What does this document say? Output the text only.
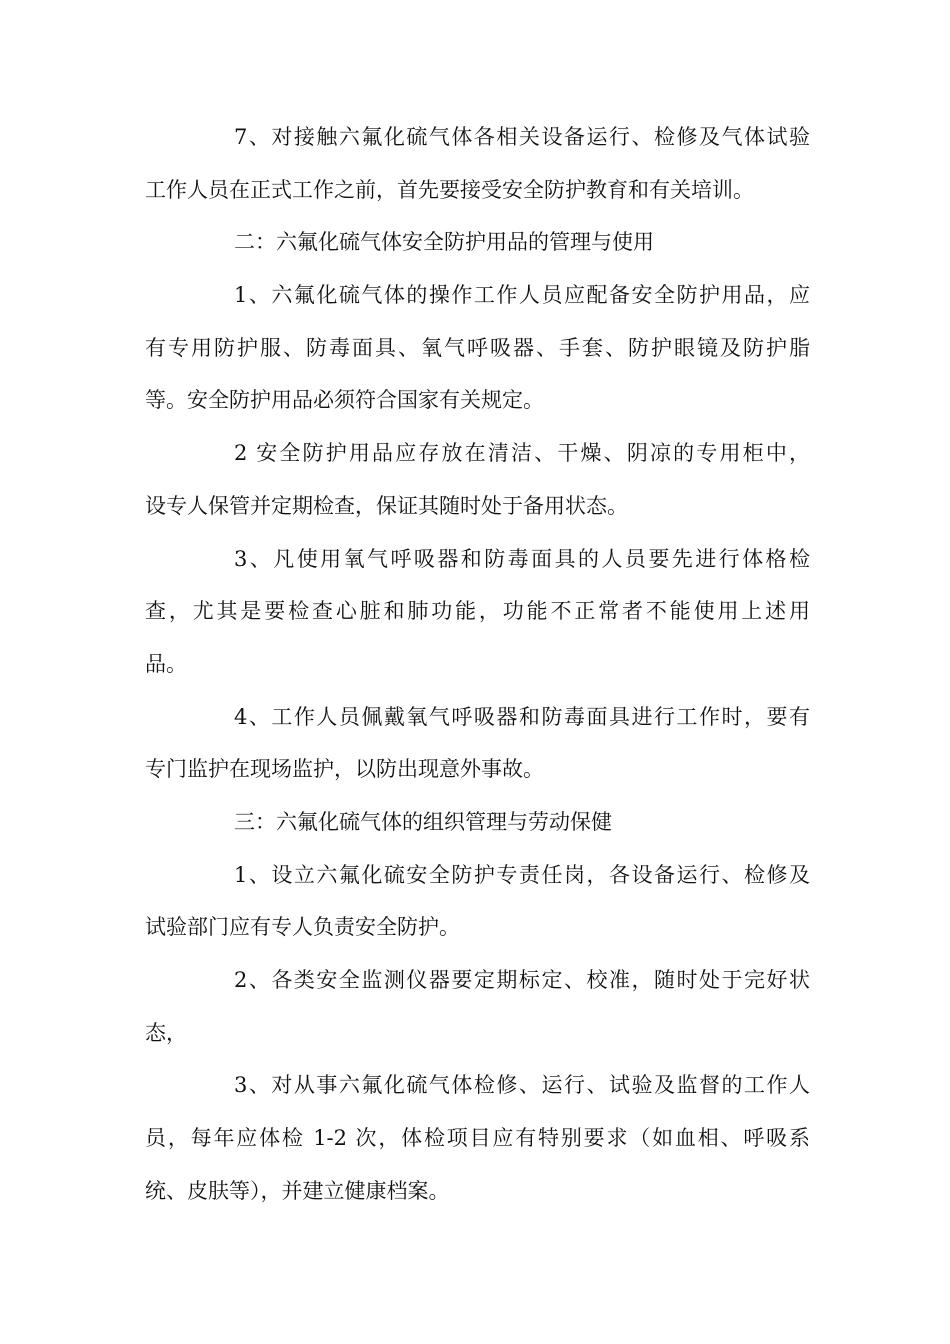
7、对接触六氟化硫气体各相关设备运行、检修及气体试验
工作人员在正式工作之前，首先要接受安全防护教育和有关培训。
二：六氟化硫气体安全防护用品的管理与使用
1、六氟化硫气体的操作工作人员应配备安全防护用品，应
有专用防护服、防毒面具、氧气呼吸器、手套、防护眼镜及防护脂
等。安全防护用品必须符合国家有关规定。
2 安全防护用品应存放在清洁、干燥、阴凉的专用柜中，
设专人保管并定期检查，保证其随时处于备用状态。
3、凡使用氧气呼吸器和防毒面具的人员要先进行体格检
查，尤其是要检查心脏和肺功能，功能不正常者不能使用上述用
品。
4、工作人员佩戴氧气呼吸器和防毒面具进行工作时，要有
专门监护在现场监护，以防出现意外事故。
三：六氟化硫气体的组织管理与劳动保健
1、设立六氟化硫安全防护专责任岗，各设备运行、检修及
试验部门应有专人负责安全防护。
2、各类安全监测仪器要定期标定、校准，随时处于完好状
态，
3、对从事六氟化硫气体检修、运行、试验及监督的工作人
员，每年应体检 1-2 次，体检项目应有特别要求（如血相、呼吸系
统、皮肤等），并建立健康档案。
